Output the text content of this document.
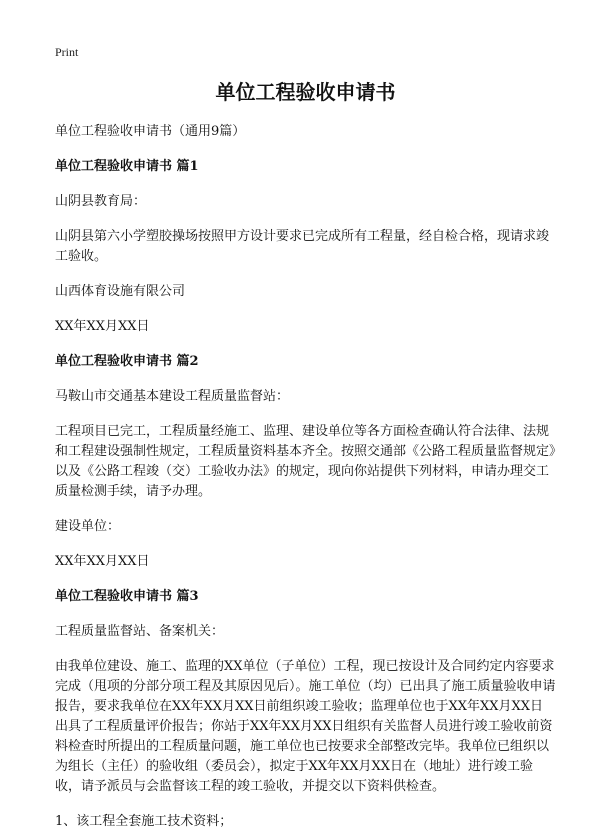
Print
单位工程验收申请书
单位工程验收申请书（通用9篇）
单位工程验收申请书 篇1
山阴县教育局：
山阴县第六小学塑胶操场按照甲方设计要求已完成所有工程量，经自检合格，现请求竣工验收。
山西体育设施有限公司
XX年XX月XX日
单位工程验收申请书 篇2
马鞍山市交通基本建设工程质量监督站：
工程项目已完工，工程质量经施工、监理、建设单位等各方面检查确认符合法律、法规和工程建设强制性规定，工程质量资料基本齐全。按照交通部《公路工程质量监督规定》以及《公路工程竣（交）工验收办法》的规定，现向你站提供下列材料，申请办理交工质量检测手续，请予办理。
建设单位：
XX年XX月XX日
单位工程验收申请书 篇3
工程质量监督站、备案机关：
由我单位建设、施工、监理的XX单位（子单位）工程，现已按设计及合同约定内容要求完成（甩项的分部分项工程及其原因见后）。施工单位（均）已出具了施工质量验收申请报告，要求我单位在XX年XX月XX日前组织竣工验收；监理单位也于XX年XX月XX日出具了工程质量评价报告；你站于XX年XX月XX日组织有关监督人员进行竣工验收前资料检查时所提出的工程质量问题，施工单位也已按要求全部整改完毕。我单位已组织以为组长（主任）的验收组（委员会），拟定于XX年XX月XX日在（地址）进行竣工验收，请予派员与会监督该工程的竣工验收，并提交以下资料供检查。
1、该工程全套施工技术资料；
